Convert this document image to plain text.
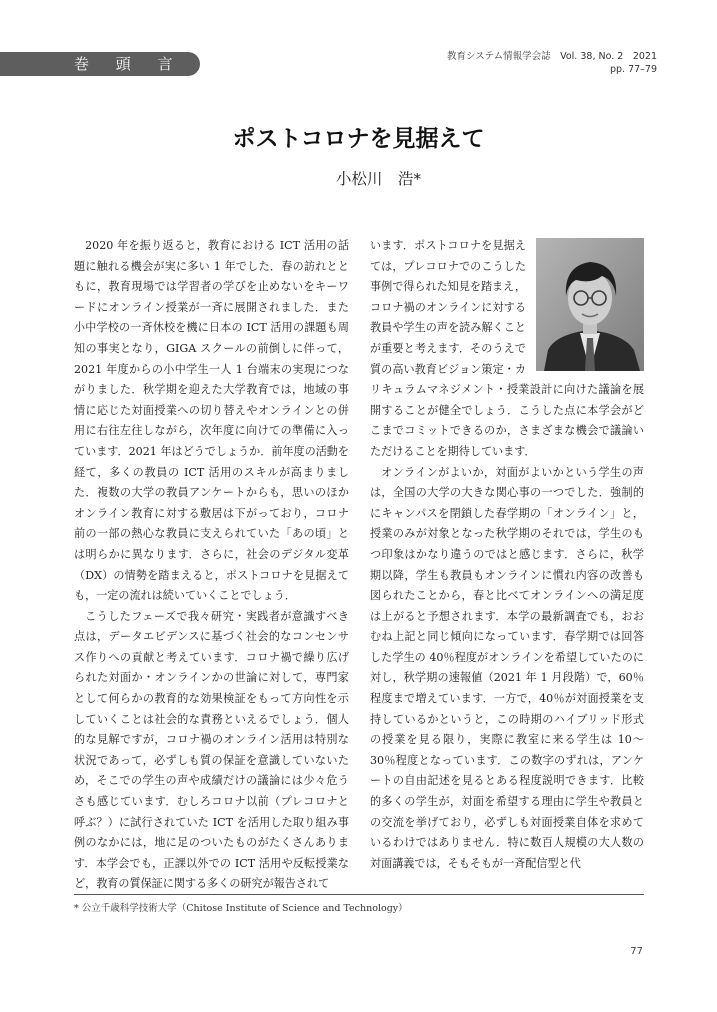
巻 頭 言	教育システム情報学会誌　Vol. 38, No. 2　2021
pp. 77–79
ポストコロナを見据えて
小松川　浩*

2020 年を振り返ると，教育における ICT 活用の話題に触れる機会が実に多い 1 年でした．春の訪れとともに，教育現場では学習者の学びを止めないをキーワードにオンライン授業が一斉に展開されました．また小中学校の一斉休校を機に日本の ICT 活用の課題も周知の事実となり，GIGA スクールの前倒しに伴って，2021 年度からの小中学生一人 1 台端末の実現につながりました．秋学期を迎えた大学教育では，地域の事情に応じた対面授業への切り替えやオンラインとの併用に右往左往しながら，次年度に向けての準備に入っています．2021 年はどうでしょうか．前年度の活動を経て，多くの教員の ICT 活用のスキルが高まりました．複数の大学の教員アンケートからも，思いのほかオンライン教育に対する敷居は下がっており，コロナ前の一部の熱心な教員に支えられていた「あの頃」とは明らかに異なります．さらに，社会のデジタル変革（DX）の情勢を踏まえると，ポストコロナを見据えても，一定の流れは続いていくことでしょう．

こうしたフェーズで我々研究・実践者が意識すべき点は，データエビデンスに基づく社会的なコンセンサス作りへの貢献と考えています．コロナ禍で繰り広げられた対面か・オンラインかの世論に対して，専門家として何らかの教育的な効果検証をもって方向性を示していくことは社会的な責務といえるでしょう．個人的な見解ですが，コロナ禍のオンライン活用は特別な状況であって，必ずしも質の保証を意識していないため，そこでの学生の声や成績だけの議論には少々危うさも感じています．むしろコロナ以前（プレコロナと呼ぶ？）に試行されていた ICT を活用した取り組み事例のなかには，地に足のついたものがたくさんあります．本学会でも，正課以外での ICT 活用や反転授業など，教育の質保証に関する多くの研究が報告されて

います．ポストコロナを見据えては，プレコロナでのこうした事例で得られた知見を踏まえ，コロナ禍のオンラインに対する教員や学生の声を読み解くことが重要と考えます．そのうえで質の高い教育ビジョン策定・カリキュラムマネジメント・授業設計に向けた議論を展開することが健全でしょう．こうした点に本学会がどこまでコミットできるのか，さまざまな機会で議論いただけることを期待しています．

オンラインがよいか，対面がよいかという学生の声は，全国の大学の大きな関心事の一つでした．強制的にキャンパスを閉鎖した春学期の「オンライン」と，授業のみが対象となった秋学期のそれでは，学生のもつ印象はかなり違うのではと感じます．さらに，秋学期以降，学生も教員もオンラインに慣れ内容の改善も図られたことから，春と比べてオンラインへの満足度は上がると予想されます．本学の最新調査でも，おおむね上記と同じ傾向になっています．春学期では回答した学生の 40％程度がオンラインを希望していたのに対し，秋学期の速報値（2021 年 1 月段階）で，60％程度まで増えています．一方で，40％が対面授業を支持しているかというと，この時期のハイブリッド形式の授業を見る限り，実際に教室に来る学生は 10～30％程度となっています．この数字のずれは，アンケートの自由記述を見るとある程度説明できます．比較的多くの学生が，対面を希望する理由に学生や教員との交流を挙げており，必ずしも対面授業自体を求めているわけではありません．特に数百人規模の大人数の対面講義では，そもそもが一斉配信型と代

* 公立千歳科学技術大学（Chitose Institute of Science and Technology）
77
